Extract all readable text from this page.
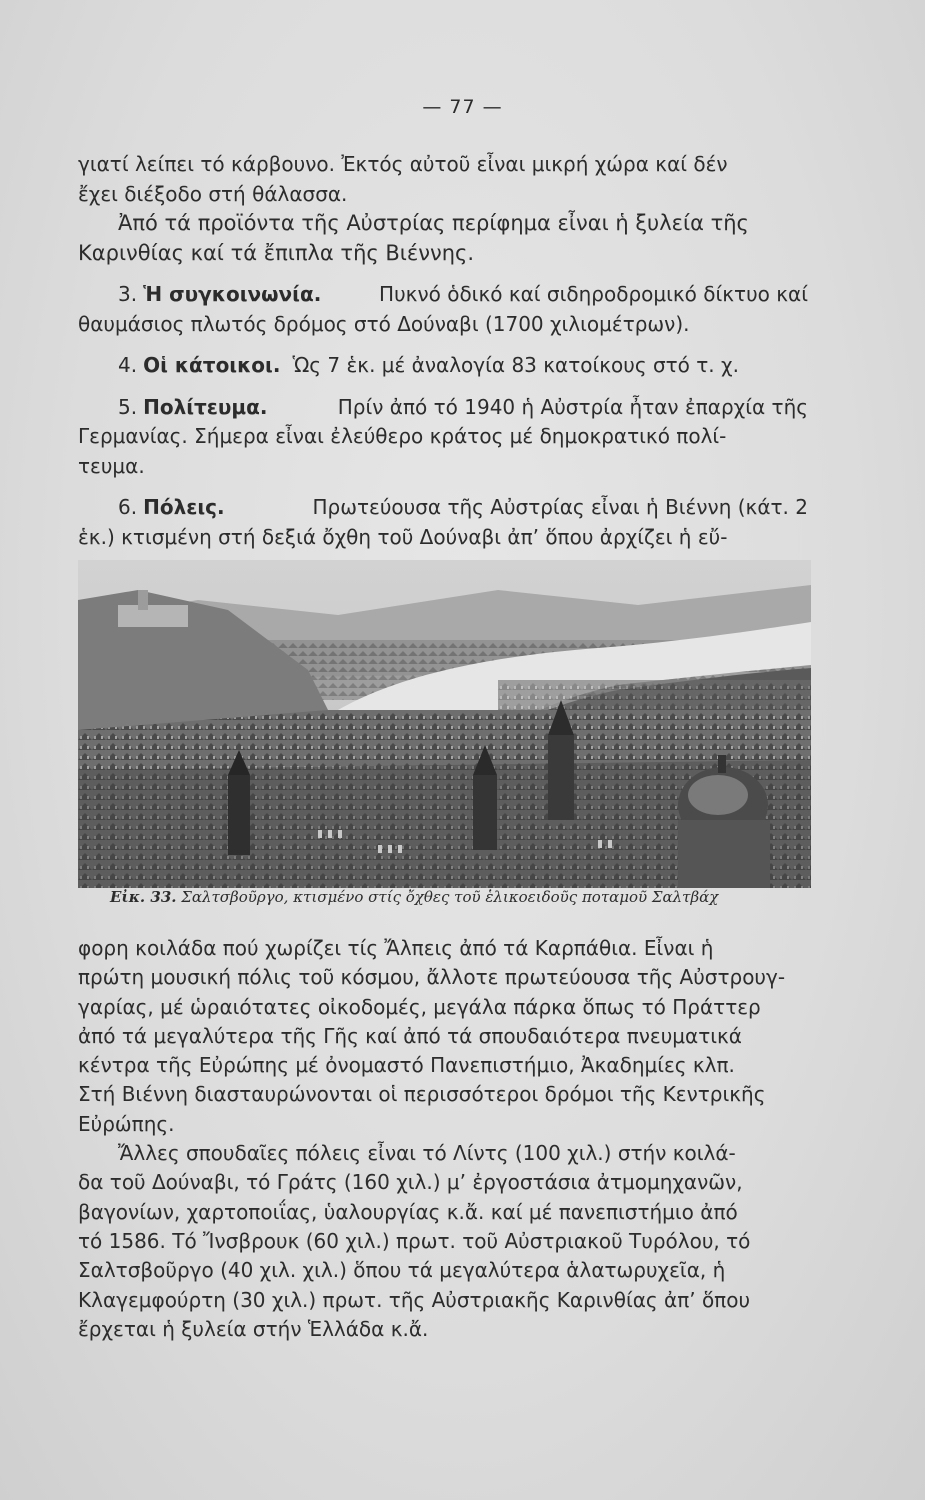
— 77 —
γιατί λείπει τό κάρβουνο. Ἐκτός αὐτοῦ εἶναι μικρή χώρα καί δέν
ἔχει διέξοδο στή θάλασσα.
Ἀπό τά προϊόντα τῆς Αὐστρίας περίφημα εἶναι ἡ ξυλεία τῆς
Καρινθίας καί τά ἔπιπλα τῆς Βιέννης.
3. Ἡ συγκοινωνία.	Πυκνό ὁδικό καί σιδηροδρομικό δίκτυο καί
θαυμάσιος πλωτός δρόμος στό Δούναβι (1700 χιλιομέτρων).
4. Οἱ κάτοικοι. Ὡς 7 ἑκ. μέ ἀναλογία 83 κατοίκους στό τ. χ.
5. Πολίτευμα.	Πρίν ἀπό τό 1940 ἡ Αὐστρία ἦταν ἐπαρχία τῆς
Γερμανίας. Σήμερα εἶναι ἐλεύθερο κράτος μέ δημοκρατικό πολί-
τευμα.
6. Πόλεις.	Πρωτεύουσα τῆς Αὐστρίας εἶναι ἡ Βιέννη (κάτ. 2
ἑκ.) κτισμένη στή δεξιά ὄχθη τοῦ Δούναβι ἀπ’ ὅπου ἀρχίζει ἡ εὔ-
Εἰκ. 33. Σαλτσβοῦργο, κτισμένο στίς ὄχθες τοῦ ἑλικοειδοῦς ποταμοῦ Σαλτβάχ
φορη κοιλάδα πού χωρίζει τίς Ἄλπεις ἀπό τά Καρπάθια. Εἶναι ἡ
πρώτη μουσική πόλις τοῦ κόσμου, ἄλλοτε πρωτεύουσα τῆς Αὐστρουγ-
γαρίας, μέ ὡραιότατες οἰκοδομές, μεγάλα πάρκα ὅπως τό Πράττερ
ἀπό τά μεγαλύτερα τῆς Γῆς καί ἀπό τά σπουδαιότερα πνευματικά
κέντρα τῆς Εὐρώπης μέ ὀνομαστό Πανεπιστήμιο, Ἀκαδημίες κλπ.
Στή Βιέννη διασταυρώνονται οἱ περισσότεροι δρόμοι τῆς Κεντρικῆς
Εὐρώπης.
Ἄλλες σπουδαῖες πόλεις εἶναι τό Λίντς (100 χιλ.) στήν κοιλά-
δα τοῦ Δούναβι, τό Γράτς (160 χιλ.) μ’ ἐργοστάσια ἀτμομηχανῶν,
βαγονίων, χαρτοποιΐας, ὑαλουργίας κ.ἄ. καί μέ πανεπιστήμιο ἀπό
τό 1586. Τό Ἴνσβρουκ (60 χιλ.) πρωτ. τοῦ Αὐστριακοῦ Τυρόλου, τό
Σαλτσβοῦργο (40 χιλ. χιλ.) ὅπου τά μεγαλύτερα ἁλατωρυχεῖα, ἡ
Κλαγεμφούρτη (30 χιλ.) πρωτ. τῆς Αὐστριακῆς Καρινθίας ἀπ’ ὅπου
ἔρχεται ἡ ξυλεία στήν Ἑλλάδα κ.ἄ.
